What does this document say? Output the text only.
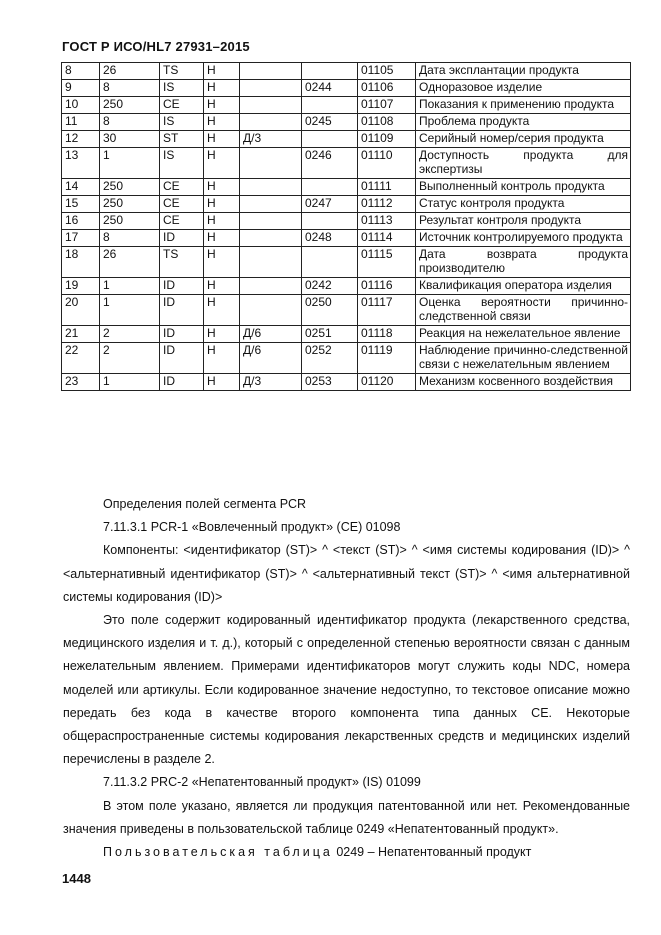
ГОСТ Р ИСО/HL7 27931–2015
8	26	TS	H			01105	Дата эксплантации продукта
9	8	IS	H		0244	01106	Одноразовое изделие
10	250	CE	H			01107	Показания к применению продукта
11	8	IS	H		0245	01108	Проблема продукта
12	30	ST	H	Д/3		01109	Серийный номер/серия продукта
13	1	IS	H		0246	01110	Доступность продукта для экспертизы
14	250	CE	H			01111	Выполненный контроль продукта
15	250	CE	H		0247	01112	Статус контроля продукта
16	250	CE	H			01113	Результат контроля продукта
17	8	ID	H		0248	01114	Источник контролируемого продукта
18	26	TS	H			01115	Дата возврата продукта производителю
19	1	ID	H		0242	01116	Квалификация оператора изделия
20	1	ID	H		0250	01117	Оценка вероятности причинно-следственной связи
21	2	ID	H	Д/6	0251	01118	Реакция на нежелательное явление
22	2	ID	H	Д/6	0252	01119	Наблюдение причинно-следственной связи с нежелательным явлением
23	1	ID	H	Д/3	0253	01120	Механизм косвенного воздействия

Определения полей сегмента PCR

7.11.3.1 PCR-1 «Вовлеченный продукт» (CE) 01098

Компоненты: <идентификатор (ST)> ^ <текст (ST)> ^ <имя системы кодирования (ID)> ^ <альтернативный идентификатор (ST)> ^ <альтернативный текст (ST)> ^ <имя альтернативной системы кодирования (ID)>

Это поле содержит кодированный идентификатор продукта (лекарственного средства, медицинского изделия и т. д.), который с определенной степенью вероятности связан с данным нежелательным явлением. Примерами идентификаторов могут служить коды NDC, номера моделей или артикулы. Если кодированное значение недоступно, то текстовое описание можно передать без кода в качестве второго компонента типа данных CE. Некоторые общераспространенные системы кодирования лекарственных средств и медицинских изделий перечислены в разделе 2.

7.11.3.2 PRC-2 «Непатентованный продукт» (IS) 01099

В этом поле указано, является ли продукция патентованной или нет. Рекомендованные значения приведены в пользовательской таблице 0249 «Непатентованный продукт».

Пользовательская таблица 0249 – Непатентованный продукт

1448
